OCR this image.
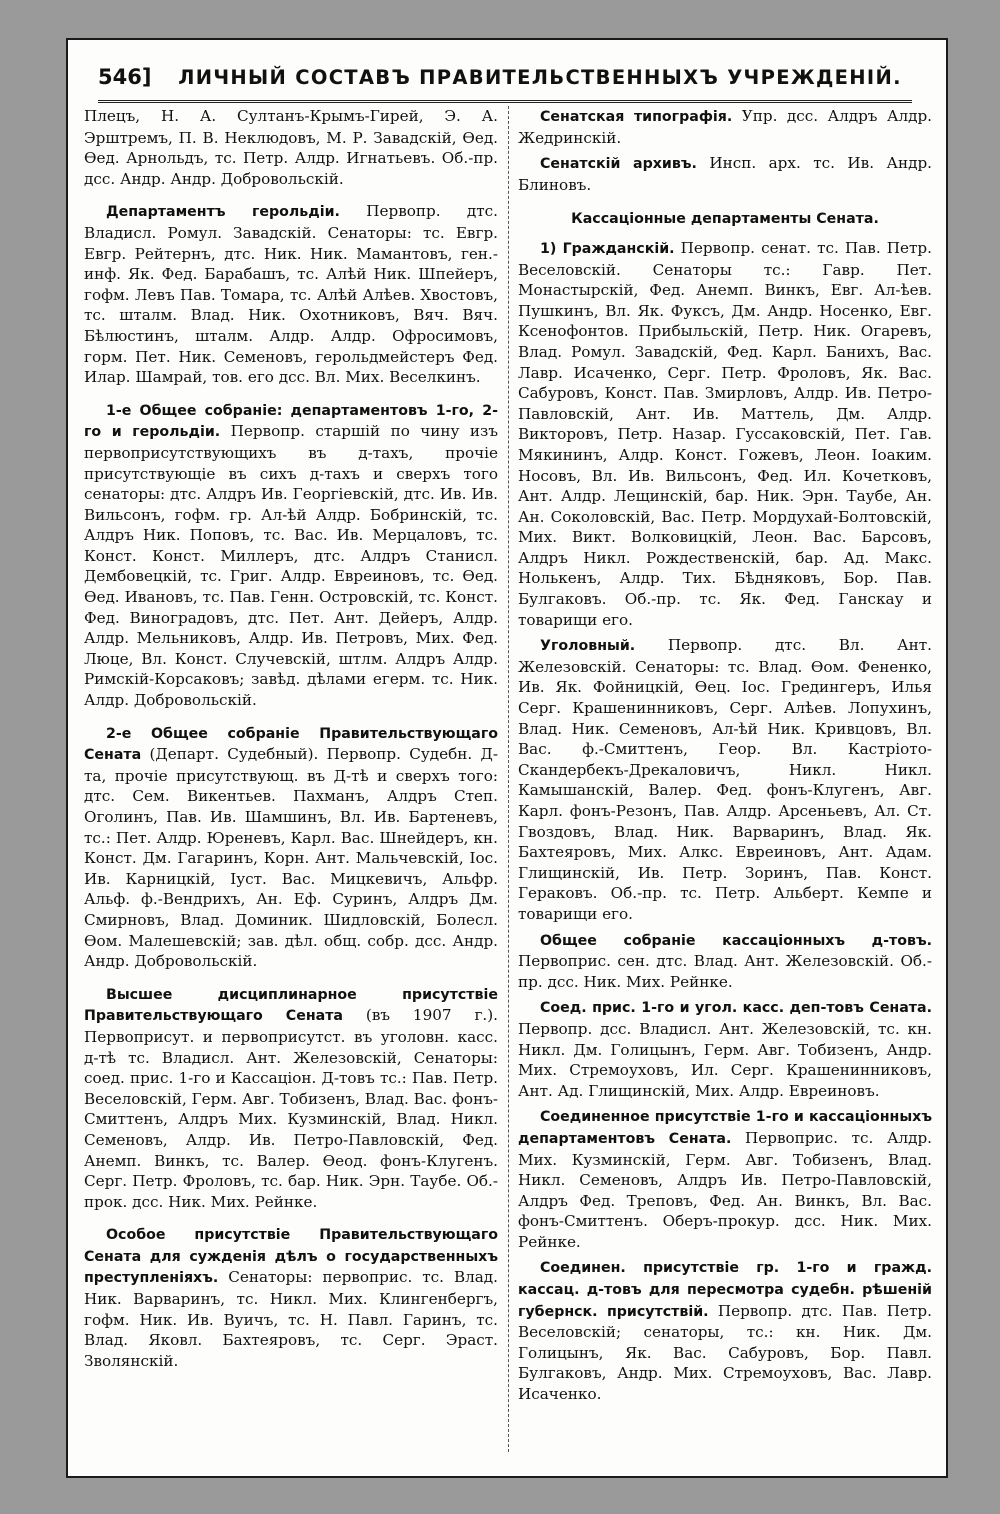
546]	ЛИЧНЫЙ СОСТАВЪ ПРАВИТЕЛЬСТВЕННЫХЪ УЧРЕЖДЕНІЙ.

Плецъ, Н. А. Султанъ-Крымъ-Гирей, Э. А. Эрштремъ, П. В. Неклюдовъ, М. Р. Завадскій, Өед. Өед. Арнольдъ, тс. Петр. Алдр. Игнатьевъ. Об.-пр. дсс. Андр. Андр. Добровольскій.

Департаментъ герольдіи. Первопр. дтс. Владисл. Ромул. Завадскій. Сенаторы: тс. Евгр. Евгр. Рейтернъ, дтс. Ник. Ник. Мамантовъ, ген.-инф. Як. Фед. Барабашъ, тс. Алѣй Ник. Шпейеръ, гофм. Левъ Пав. Томара, тс. Алѣй Алѣев. Хвостовъ, тс. шталм. Влад. Ник. Охотниковъ, Вяч. Вяч. Бѣлюстинъ, шталм. Алдр. Алдр. Офросимовъ, горм. Пет. Ник. Семеновъ, герольдмейстеръ Фед. Илар. Шамрай, тов. его дсс. Вл. Мих. Веселкинъ.

1-е Общее собраніе: департаментовъ 1-го, 2-го и герольдіи. Первопр. старшій по чину изъ первоприсутствующихъ въ д-тахъ, прочіе присутствующіе въ сихъ д-тахъ и сверхъ того сенаторы: дтс. Алдръ Ив. Георгіевскій, дтс. Ив. Ив. Вильсонъ, гофм. гр. Ал-ѣй Алдр. Бобринскій, тс. Алдръ Ник. Поповъ, тс. Вас. Ив. Мерцаловъ, тс. Конст. Конст. Миллеръ, дтс. Алдръ Станисл. Дембовецкій, тс. Григ. Алдр. Евреиновъ, тс. Өед. Өед. Ивановъ, тс. Пав. Генн. Островскій, тс. Конст. Фед. Виноградовъ, дтс. Пет. Ант. Дейеръ, Алдр. Алдр. Мельниковъ, Алдр. Ив. Петровъ, Мих. Фед. Люце, Вл. Конст. Случевскій, штлм. Алдръ Алдр. Римскій-Корсаковъ; завѣд. дѣлами егерм. тс. Ник. Алдр. Добровольскій.

2-е Общее собраніе Правительствующаго Сената (Департ. Судебный). Первопр. Судебн. Д-та, прочіе присутствующ. въ Д-тѣ и сверхъ того: дтс. Сем. Викентьев. Пахманъ, Алдръ Степ. Оголинъ, Пав. Ив. Шамшинъ, Вл. Ив. Бартеневъ, тс.: Пет. Алдр. Юреневъ, Карл. Вас. Шнейдеръ, кн. Конст. Дм. Гагаринъ, Корн. Ант. Мальчевскій, Іос. Ив. Карницкій, Іуст. Вас. Мицкевичъ, Альфр. Альф. ф.-Вендрихъ, Ан. Еф. Суринъ, Алдръ Дм. Смирновъ, Влад. Доминик. Шидловскій, Болесл. Өом. Малешевскій; зав. дѣл. общ. собр. дсс. Андр. Андр. Добровольскій.

Высшее дисциплинарное присутствіе Правительствующаго Сената (въ 1907 г.). Первоприсут. и первоприсутст. въ уголовн. касс. д-тѣ тс. Владисл. Ант. Железовскій, Сенаторы: соед. прис. 1-го и Кассаціон. Д-товъ тс.: Пав. Петр. Веселовскій, Герм. Авг. Тобизенъ, Влад. Вас. фонъ-Смиттенъ, Алдръ Мих. Кузминскій, Влад. Никл. Семеновъ, Алдр. Ив. Петро-Павловскій, Фед. Анемп. Винкъ, тс. Валер. Өеод. фонъ-Клугенъ. Серг. Петр. Фроловъ, тс. бар. Ник. Эрн. Таубе. Об.-прок. дсс. Ник. Мих. Рейнке.

Особое присутствіе Правительствующаго Сената для сужденія дѣлъ о государственныхъ преступленіяхъ. Сенаторы: первоприс. тс. Влад. Ник. Варваринъ, тс. Никл. Мих. Клингенбергъ, гофм. Ник. Ив. Вуичъ, тс. Н. Павл. Гаринъ, тс. Влад. Яковл. Бахтеяровъ, тс. Серг. Эраст. Зволянскій.

Сенатская типографія. Упр. дсс. Алдръ Алдр. Жедринскій.

Сенатскій архивъ. Инсп. арх. тс. Ив. Андр. Блиновъ.

Кассаціонные департаменты Сената.

1) Гражданскій. Первопр. сенат. тс. Пав. Петр. Веселовскій. Сенаторы тс.: Гавр. Пет. Монастырскій, Фед. Анемп. Винкъ, Евг. Ал-ѣев. Пушкинъ, Вл. Як. Фуксъ, Дм. Андр. Носенко, Евг. Ксенофонтов. Прибыльскій, Петр. Ник. Огаревъ, Влад. Ромул. Завадскій, Фед. Карл. Банихъ, Вас. Лавр. Исаченко, Серг. Петр. Фроловъ, Як. Вас. Сабуровъ, Конст. Пав. Змирловъ, Алдр. Ив. Петро-Павловскій, Ант. Ив. Маттель, Дм. Алдр. Викторовъ, Петр. Назар. Гуссаковскій, Пет. Гав. Мякининъ, Алдр. Конст. Гожевъ, Леон. Іоаким. Носовъ, Вл. Ив. Вильсонъ, Фед. Ил. Кочетковъ, Ант. Алдр. Лещинскій, бар. Ник. Эрн. Таубе, Ан. Ан. Соколовскій, Вас. Петр. Мордухай-Болтовскій, Мих. Викт. Волковицкій, Леон. Вас. Барсовъ, Алдръ Никл. Рождественскій, бар. Ад. Макс. Нолькенъ, Алдр. Тих. Бѣдняковъ, Бор. Пав. Булгаковъ. Об.-пр. тс. Як. Фед. Ганскау и товарищи его.

Уголовный. Первопр. дтс. Вл. Ант. Железовскій. Сенаторы: тс. Влад. Өом. Фененко, Ив. Як. Фойницкій, Өец. Іос. Гредингеръ, Илья Серг. Крашенинниковъ, Серг. Алѣев. Лопухинъ, Влад. Ник. Семеновъ, Ал-ѣй Ник. Кривцовъ, Вл. Вас. ф.-Смиттенъ, Геор. Вл. Кастріото-Скандербекъ-Дрекаловичъ, Никл. Никл. Камышанскій, Валер. Фед. фонъ-Клугенъ, Авг. Карл. фонъ-Резонъ, Пав. Алдр. Арсеньевъ, Ал. Ст. Гвоздовъ, Влад. Ник. Варваринъ, Влад. Як. Бахтеяровъ, Мих. Алкс. Евреиновъ, Ант. Адам. Глищинскій, Ив. Петр. Зоринъ, Пав. Конст. Гераковъ. Об.-пр. тс. Петр. Альберт. Кемпе и товарищи его.

Общее собраніе кассаціонныхъ д-товъ. Первоприс. сен. дтс. Влад. Ант. Железовскій. Об.-пр. дсс. Ник. Мих. Рейнке.

Соед. прис. 1-го и угол. касс. деп-товъ Сената. Первопр. дсс. Владисл. Ант. Железовскій, тс. кн. Никл. Дм. Голицынъ, Герм. Авг. Тобизенъ, Андр. Мих. Стремоуховъ, Ил. Серг. Крашенинниковъ, Ант. Ад. Глищинскій, Мих. Алдр. Евреиновъ.

Соединенное присутствіе 1-го и кассаціонныхъ департаментовъ Сената. Первоприс. тс. Алдр. Мих. Кузминскій, Герм. Авг. Тобизенъ, Влад. Никл. Семеновъ, Алдръ Ив. Петро-Павловскій, Алдръ Фед. Треповъ, Фед. Ан. Винкъ, Вл. Вас. фонъ-Смиттенъ. Оберъ-прокур. дсс. Ник. Мих. Рейнке.

Соединен. присутствіе гр. 1-го и гражд. кассац. д-товъ для пересмотра судебн. рѣшеній губернск. присутствій. Первопр. дтс. Пав. Петр. Веселовскій; сенаторы, тс.: кн. Ник. Дм. Голицынъ, Як. Вас. Сабуровъ, Бор. Павл. Булгаковъ, Андр. Мих. Стремоуховъ, Вас. Лавр. Исаченко.
